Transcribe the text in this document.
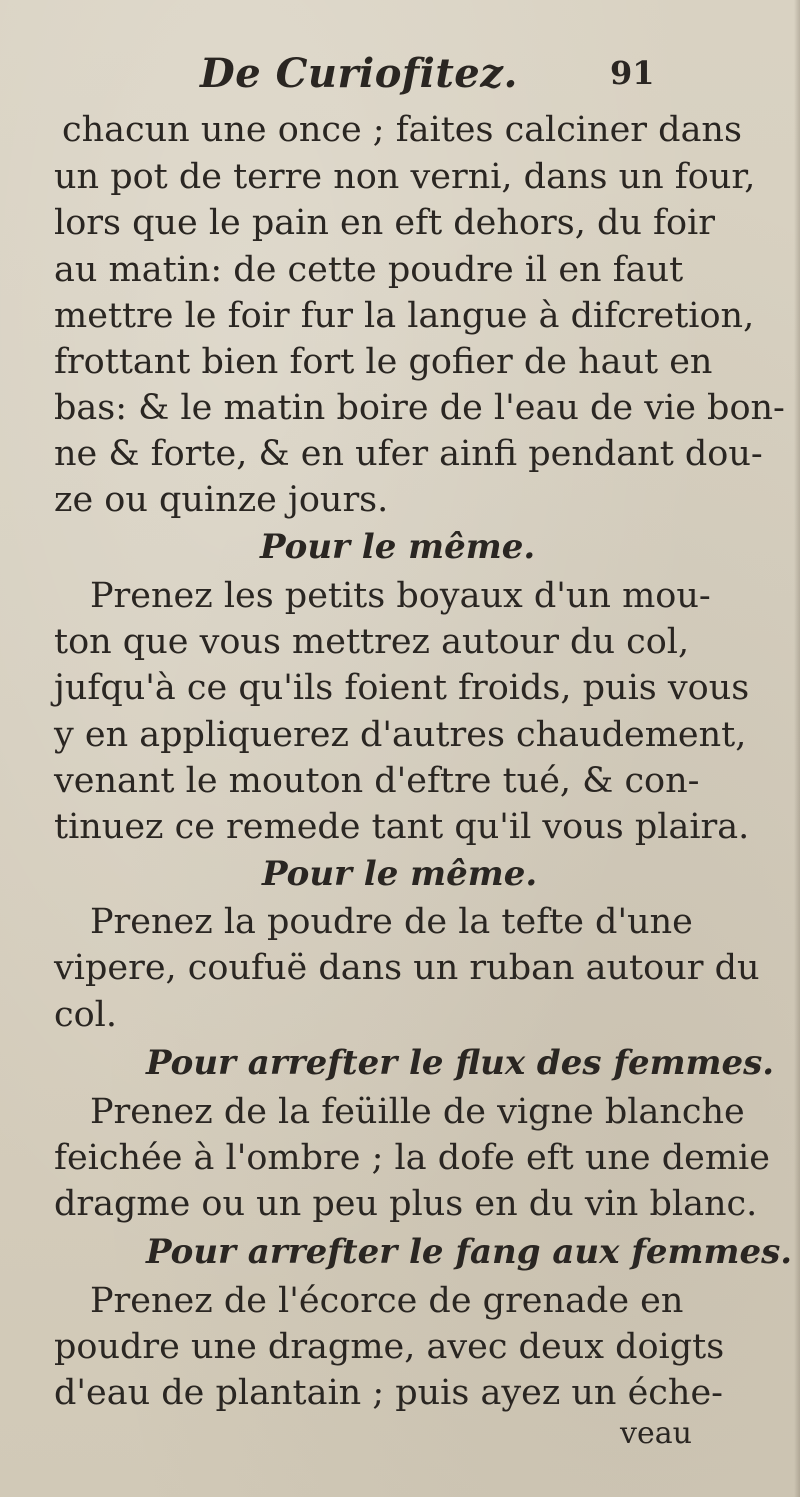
De Curiofitez.	91
chacun une once ; faites calciner dans
un pot de terre non verni, dans un four,
lors que le pain en eft dehors, du foir
au matin: de cette poudre il en faut
mettre le foir fur la langue à difcretion,
frottant bien fort le gofier de haut en
bas: & le matin boire de l'eau de vie bon-
ne & forte, & en ufer ainfi pendant dou-
ze ou quinze jours.
Pour le même.
Prenez les petits boyaux d'un mou-
ton que vous mettrez autour du col,
jufqu'à ce qu'ils foient froids, puis vous
y en appliquerez d'autres chaudement,
venant le mouton d'eftre tué, & con-
tinuez ce remede tant qu'il vous plaira.
Pour le même.
Prenez la poudre de la tefte d'une
vipere, coufuë dans un ruban autour du
col.
Pour arrefter le flux des femmes.
Prenez de la feüille de vigne blanche
feichée à l'ombre ; la dofe eft une demie
dragme ou un peu plus en du vin blanc.
Pour arrefter le fang aux femmes.
Prenez de l'écorce de grenade en
poudre une dragme, avec deux doigts
d'eau de plantain ; puis ayez un éche-
veau
